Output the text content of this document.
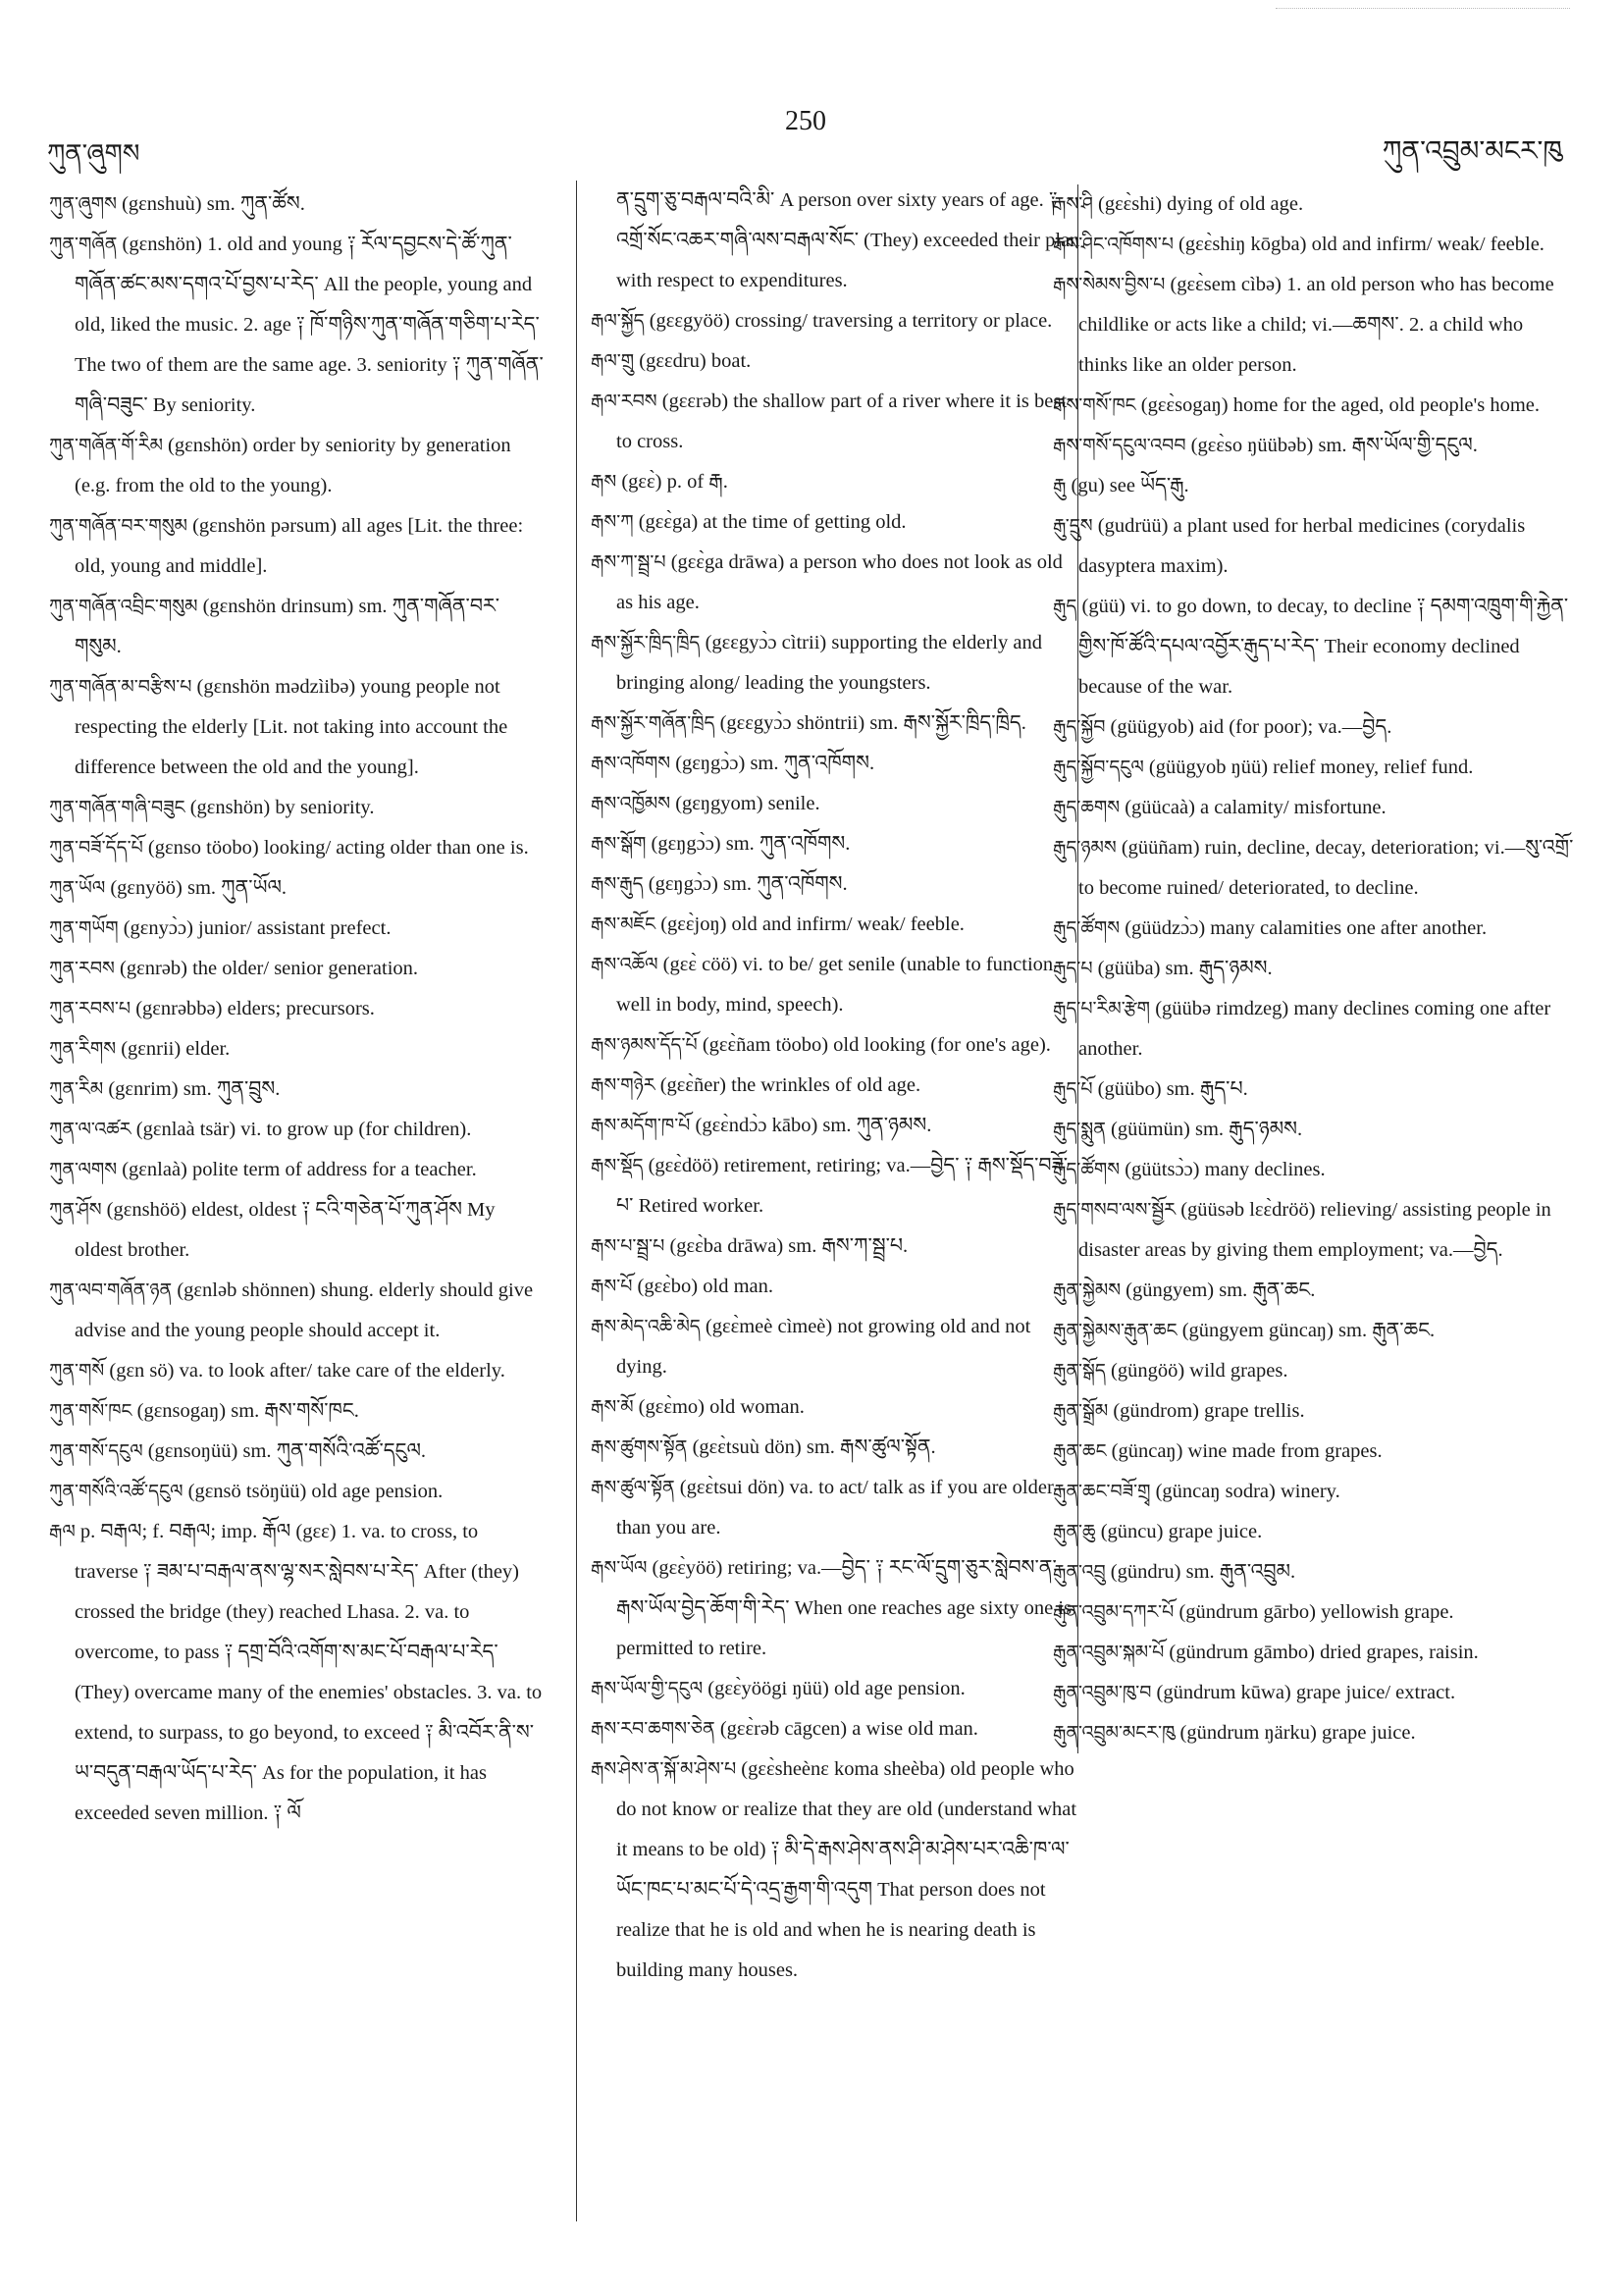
ཀུན་ཞུགས
250
ཀུན་འབྲུམ་མངར་ཁུ

ཀུན་ཞུགས (gɛnshuù) sm. ཀུན་ཚོས.

ཀུན་གཞོན (gɛnshön) 1. old and young ༑ རོལ་དབྱངས་དེ་ཚོ་ཀུན་གཞོན་ཚང་མས་དགའ་པོ་བྱས་པ་རེད་ All the people, young and old, liked the music. 2. age ༑ ཁོ་གཉིས་ཀུན་གཞོན་གཅིག་པ་རེད་ The two of them are the same age. 3. seniority ༑ ཀུན་གཞོན་གཞི་བཟུང་ By seniority.

ཀུན་གཞོན་གོ་རིམ (gɛnshön) order by seniority by generation (e.g. from the old to the young).

ཀུན་གཞོན་བར་གསུམ (gɛnshön pərsum) all ages [Lit. the three: old, young and middle].

ཀུན་གཞོན་འབྲིང་གསུམ (gɛnshön drinsum) sm. ཀུན་གཞོན་བར་གསུམ.

ཀུན་གཞོན་མ་བརྩིས་པ (gɛnshön mədzìibə) young people not respecting the elderly [Lit. not taking into account the difference between the old and the young].

ཀུན་གཞོན་གཞི་བཟུང (gɛnshön) by seniority.

ཀུན་བཟོ་དོད་པོ (gɛnso töobo) looking/ acting older than one is.

ཀུན་ཡོལ (gɛnyöö) sm. ཀུན་ཡོལ.

ཀུན་གཡོག (gɛnyɔ̀ɔ) junior/ assistant prefect.

ཀུན་རབས (gɛnrəb) the older/ senior generation.

ཀུན་རབས་པ (gɛnrəbbə) elders; precursors.

ཀུན་རིགས (gɛnrii) elder.

ཀུན་རིམ (gɛnrim) sm. ཀུན་བྲུས.

ཀུན་ལ་འཚར (gɛnlaà tsär) vi. to grow up (for children).

ཀུན་ལགས (gɛnlaà) polite term of address for a teacher.

ཀུན་ཤོས (gɛnshöö) eldest, oldest ༑ ངའི་གཅེན་པོ་ཀུན་ཤོས My oldest brother.

ཀུན་ལབ་གཞོན་ཉན (gɛnləb shönnen) shung. elderly should give advise and the young people should accept it.

ཀུན་གསོ (gɛn sö) va. to look after/ take care of the elderly.

ཀུན་གསོ་ཁང (gɛnsogaŋ) sm. རྒས་གསོ་ཁང.

ཀུན་གསོ་དངུལ (gɛnsoŋüü) sm. ཀུན་གསོའི་འཚོ་དངུལ.

ཀུན་གསོའི་འཚོ་དངུལ (gɛnsö tsöŋüü) old age pension.

རྒལ p. བརྒལ; f. བརྒལ; imp. རྒོལ (gɛɛ) 1. va. to cross, to traverse ༑ ཟམ་པ་བརྒལ་ནས་ལྷ་སར་སླེབས་པ་རེད་ After (they) crossed the bridge (they) reached Lhasa. 2. va. to overcome, to pass ༑ དགྲ་བོའི་འགོག་ས་མང་པོ་བརྒལ་པ་རེད་ (They) overcame many of the enemies' obstacles. 3. va. to extend, to surpass, to go beyond, to exceed ༑ མི་འབོར་ནི་ས་ཡ་བདུན་བརྒལ་ཡོད་པ་རེད་ As for the population, it has exceeded seven million. ༑ ལོ

ན་དྲུག་ཅུ་བརྒལ་བའི་མི་ A person over sixty years of age. ༑ འགྲོ་སོང་འཆར་གཞི་ལས་བརྒལ་སོང་ (They) exceeded their plan with respect to expenditures.

རྒལ་སྐྱོད (gɛɛgyöö) crossing/ traversing a territory or place.

རྒལ་གྲུ (gɛɛdru) boat.

རྒལ་རབས (gɛɛrəb) the shallow part of a river where it is best to cross.

རྒས (gɛɛ̀) p. of རྒ.

རྒས་ཀ (gɛɛ̀ga) at the time of getting old.

རྒས་ཀ་སྦྲ་པ (gɛɛ̀ga drāwa) a person who does not look as old as his age.

རྒས་སྐྱོར་ཁྲིད་ཁྲིད (gɛɛgyɔ̀ɔ cìtrii) supporting the elderly and bringing along/ leading the youngsters.

རྒས་སྐྱོར་གཞོན་ཁྲིད (gɛɛgyɔ̀ɔ shöntrii) sm. རྒས་སྐྱོར་ཁྲིད་ཁྲིད.

རྒས་འཁོགས (gɛŋgɔ̀ɔ) sm. ཀུན་འཁོགས.

རྒས་འཁྱོམས (gɛŋgyom) senile.

རྒས་སྒོག (gɛŋgɔ̀ɔ) sm. ཀུན་འཁོགས.

རྒས་རྒུད (gɛŋgɔ̀ɔ) sm. ཀུན་འཁོགས.

རྒས་མཇོང (gɛɛ̀joŋ) old and infirm/ weak/ feeble.

རྒས་འཆོལ (gɛɛ̀ cöö) vi. to be/ get senile (unable to function well in body, mind, speech).

རྒས་ཉམས་དོད་པོ (gɛɛ̀ñam töobo) old looking (for one's age).

རྒས་གཉེར (gɛɛ̀ñer) the wrinkles of old age.

རྒས་མདོག་ཁ་པོ (gɛɛ̀ndɔ̀ɔ kābo) sm. ཀུན་ཉམས.

རྒས་སྡོད (gɛɛ̀döö) retirement, retiring; va.—བྱེད་ ༑ རྒས་སྡོད་བཟོ་པ་ Retired worker.

རྒས་པ་སྦྲ་པ (gɛɛ̀ba drāwa) sm. རྒས་ཀ་སྦྲ་པ.

རྒས་པོ (gɛɛ̀bo) old man.

རྒས་མེད་འཆི་མེད (gɛɛ̀meè cìmeè) not growing old and not dying.

རྒས་མོ (gɛɛ̀mo) old woman.

རྒས་ཚུགས་སྟོན (gɛɛ̀tsuù dön) sm. རྒས་ཚུལ་སྟོན.

རྒས་ཚུལ་སྟོན (gɛɛ̀tsui dön) va. to act/ talk as if you are older than you are.

རྒས་ཡོལ (gɛɛ̀yöö) retiring; va.—བྱེད་ ༑ རང་ལོ་དྲུག་ཅུར་སླེབས་ན་རྒས་ཡོལ་བྱེད་ཆོག་གི་རེད་ When one reaches age sixty one is permitted to retire.

རྒས་ཡོལ་གྱི་དངུལ (gɛɛ̀yöögi ŋüü) old age pension.

རྒས་རབ་ཆགས་ཅེན (gɛɛ̀rəb cāgcen) a wise old man.

རྒས་ཤེས་ན་སྐོ་མ་ཤེས་པ (gɛɛ̀sheènɛ koma sheèba) old people who do not know or realize that they are old (understand what it means to be old) ༑ མི་དེ་རྒས་ཤེས་ནས་ཤི་མ་ཤེས་པར་འཆི་ཁ་ལ་ཡོང་ཁང་པ་མང་པོ་དེ་འདྲ་རྒྱག་གི་འདུག That person does not realize that he is old and when he is nearing death is building many houses.

རྒས་ཤི (gɛɛ̀shi) dying of old age.

རྒས་ཤིང་འཁོགས་པ (gɛɛ̀shiŋ kōgba) old and infirm/ weak/ feeble.

རྒས་སེམས་བྱིས་པ (gɛɛ̀sem cìbə) 1. an old person who has become childlike or acts like a child; vi.—ཆགས་. 2. a child who thinks like an older person.

རྒས་གསོ་ཁང (gɛɛ̀sogaŋ) home for the aged, old people's home.

རྒས་གསོ་དངུལ་འབབ (gɛɛ̀so ŋüübəb) sm. རྒས་ཡོལ་གྱི་དངུལ.

རྒུ (gu) see ཡོད་རྒུ.

རྒུ་དྲུས (gudrüü) a plant used for herbal medicines (corydalis dasyptera maxim).

རྒུད (güü) vi. to go down, to decay, to decline ༑ དམག་འཁྲུག་གི་རྐྱེན་གྱིས་ཁོ་ཚོའི་དཔལ་འབྱོར་རྒུད་པ་རེད་ Their economy declined because of the war.

རྒུད་སྐྱོབ (güügyob) aid (for poor); va.—བྱེད.

རྒུད་སྐྱོབ་དངུལ (güügyob ŋüü) relief money, relief fund.

རྒུད་ཆགས (güücaà) a calamity/ misfortune.

རྒུད་ཉམས (güüñam) ruin, decline, decay, deterioration; vi.—སུ་འགྲོ་ to become ruined/ deteriorated, to decline.

རྒུད་ཚོགས (güüdzɔ̀ɔ) many calamities one after another.

རྒུད་པ (güüba) sm. རྒུད་ཉམས.

རྒུད་པ་རིམ་རྩེག (güübə rimdzeg) many declines coming one after another.

རྒུད་པོ (güübo) sm. རྒུད་པ.

རྒུད་སྨུན (güümün) sm. རྒུད་ཉམས.

རྒུད་ཚོགས (güütsɔ̀ɔ) many declines.

རྒུད་གསབ་ལས་སྦྱོར (güüsəb lɛɛ̀dröö) relieving/ assisting people in disaster areas by giving them employment; va.—བྱེད.

རྒུན་སྐྱེམས (güngyem) sm. རྒུན་ཆང.

རྒུན་སྐྱེམས་རྒུན་ཆང (güngyem güncaŋ) sm. རྒུན་ཆང.

རྒུན་སྒོད (güngöö) wild grapes.

རྒུན་སྒྲོམ (gündrom) grape trellis.

རྒུན་ཆང (güncaŋ) wine made from grapes.

རྒུན་ཆང་བཟོ་གྲྭ (güncaŋ sodra) winery.

རྒུན་ཆུ (güncu) grape juice.

རྒུན་འབྲུ (gündru) sm. རྒུན་འབྲུམ.

རྒུན་འབྲུམ་དཀར་པོ (gündrum gārbo) yellowish grape.

རྒུན་འབྲུམ་སྐམ་པོ (gündrum gāmbo) dried grapes, raisin.

རྒུན་འབྲུམ་ཁུ་བ (gündrum kūwa) grape juice/ extract.

རྒུན་འབྲུམ་མངར་ཁུ (gündrum ŋärku) grape juice.
